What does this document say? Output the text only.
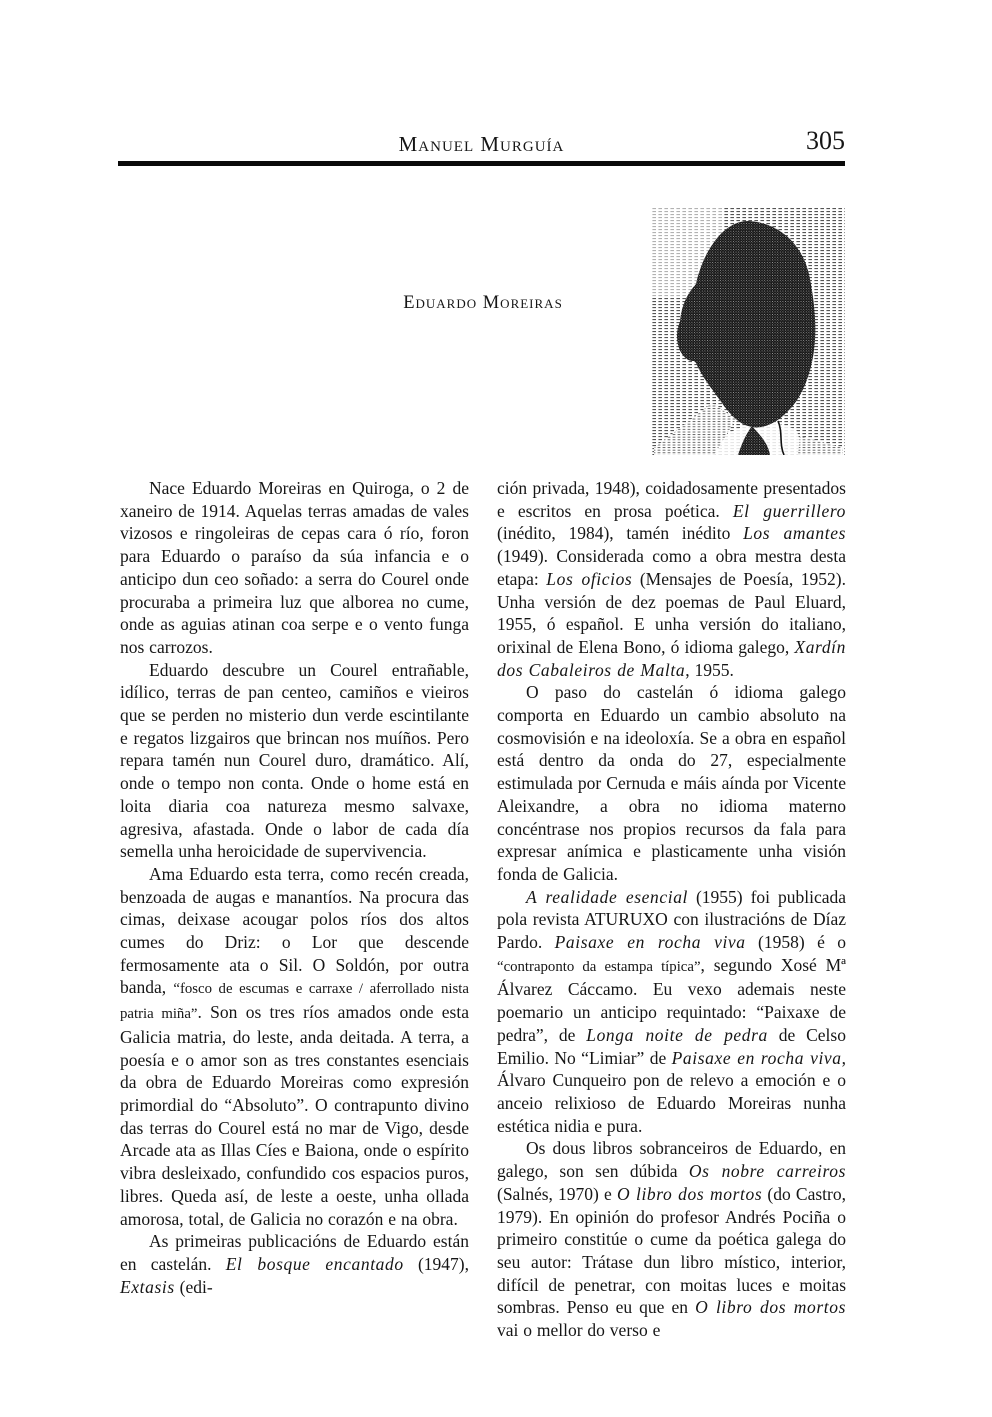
Manuel Murguía	305
Eduardo Moreiras

Nace Eduardo Moreiras en Quiroga, o 2 de xaneiro de 1914. Aquelas terras amadas de vales vizosos e ringoleiras de cepas cara ó río, foron para Eduardo o paraíso da súa infancia e o anticipo dun ceo soñado: a serra do Courel onde procuraba a primeira luz que alborea no cume, onde as aguias atinan coa serpe e o vento funga nos carrozos.

Eduardo descubre un Courel entrañable, idílico, terras de pan centeo, camiños e vieiros que se perden no misterio dun verde escintilante e regatos lizgairos que brincan nos muíños. Pero repara tamén nun Courel duro, dramático. Alí, onde o tempo non conta. Onde o home está en loita diaria coa natureza mesmo salvaxe, agresiva, afastada. Onde o labor de cada día semella unha heroicidade de supervivencia.

Ama Eduardo esta terra, como recén creada, benzoada de augas e manantíos. Na procura das cimas, deixase acougar polos ríos dos altos cumes do Driz: o Lor que descende fermosamente ata o Sil. O Soldón, por outra banda, “fosco de escumas e carraxe / aferrollado nista patria miña”. Son os tres ríos amados onde esta Galicia matria, do leste, anda deitada. A terra, a poesía e o amor son as tres constantes esenciais da obra de Eduardo Moreiras como expresión primordial do “Absoluto”. O contrapunto divino das terras do Courel está no mar de Vigo, desde Arcade ata as Illas Cíes e Baiona, onde o espírito vibra desleixado, confundido cos espacios puros, libres. Queda así, de leste a oeste, unha ollada amorosa, total, de Galicia no corazón e na obra.

As primeiras publicacións de Eduardo están en castelán. El bosque encantado (1947), Extasis (edi-

ción privada, 1948), coidadosamente presentados e escritos en prosa poética. El guerrillero (inédito, 1984), tamén inédito Los amantes (1949). Considerada como a obra mestra desta etapa: Los oficios (Mensajes de Poesía, 1952). Unha versión de dez poemas de Paul Eluard, 1955, ó español. E unha versión do italiano, orixinal de Elena Bono, ó idioma galego, Xardín dos Cabaleiros de Malta, 1955.

O paso do castelán ó idioma galego comporta en Eduardo un cambio absoluto na cosmovisión e na ideoloxía. Se a obra en español está dentro da onda do 27, especialmente estimulada por Cernuda e máis aínda por Vicente Aleixandre, a obra no idioma materno concéntrase nos propios recursos da fala para expresar anímica e plasticamente unha visión fonda de Galicia.

A realidade esencial (1955) foi publicada pola revista ATURUXO con ilustracións de Díaz Pardo. Paisaxe en rocha viva (1958) é o “contraponto da estampa típica”, segundo Xosé Mª Álvarez Cáccamo. Eu vexo ademais neste poemario un anticipo requintado: “Paixaxe de pedra”, de Longa noite de pedra de Celso Emilio. No “Limiar” de Paisaxe en rocha viva, Álvaro Cunqueiro pon de relevo a emoción e o anceio relixioso de Eduardo Moreiras nunha estética nidia e pura.

Os dous libros sobranceiros de Eduardo, en galego, son sen dúbida Os nobre carreiros (Salnés, 1970) e O libro dos mortos (do Castro, 1979). En opinión do profesor Andrés Pociña o primeiro constitúe o cume da poética galega do seu autor: Trátase dun libro místico, interior, difícil de penetrar, con moitas luces e moitas sombras. Penso eu que en O libro dos mortos vai o mellor do verso e
